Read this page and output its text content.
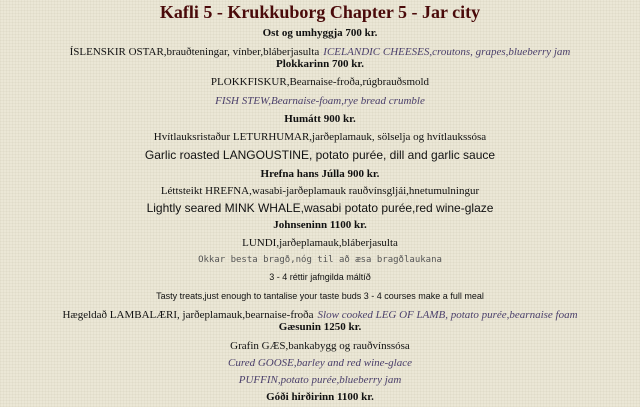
Kafli 5 - Krukkuborg Chapter 5 - Jar city
Ost og umhyggja 700 kr.
ÍSLENSKIR OSTAR,brauðteningar, vínber,bláberjasulta ICELANDIC CHEESES,croutons, grapes,blueberry jam
Plokkarinn 700 kr.
PLOKKFISKUR,Bearnaise-froða,rúgbrauðsmold
FISH STEW,Bearnaise-foam,rye bread crumble
Humátt 900 kr.
Hvítlauksristaður LETURHUMAR,jarðeplamauk, sölselja og hvítlaukssósa
Garlic roasted LANGOUSTINE, potato purée, dill and garlic sauce
Hrefna hans Júlla 900 kr.
Léttsteikt HREFNA,wasabi-jarðeplamauk rauðvínsgljái,hnetumulningur
Lightly seared MINK WHALE,wasabi potato purée,red wine-glaze
Johnseninn 1100 kr.
LUNDI,jarðeplamauk,bláberjasulta
Okkar besta bragð,nóg til að æsa bragðlaukana
3 - 4 réttir jafngilda máltíð
Tasty treats,just enough to tantalise your taste buds 3 - 4 courses make a full meal
Hægeldað LAMBALÆRI, jarðeplamauk,bearnaise-froða Slow cooked LEG OF LAMB, potato purée,bearnaise foam
Gæsunin 1250 kr.
Grafin GÆS,bankabygg og rauðvínssósa
Cured GOOSE,barley and red wine-glace
PUFFIN,potato purée,blueberry jam
Góði hirðirinn 1100 kr.
